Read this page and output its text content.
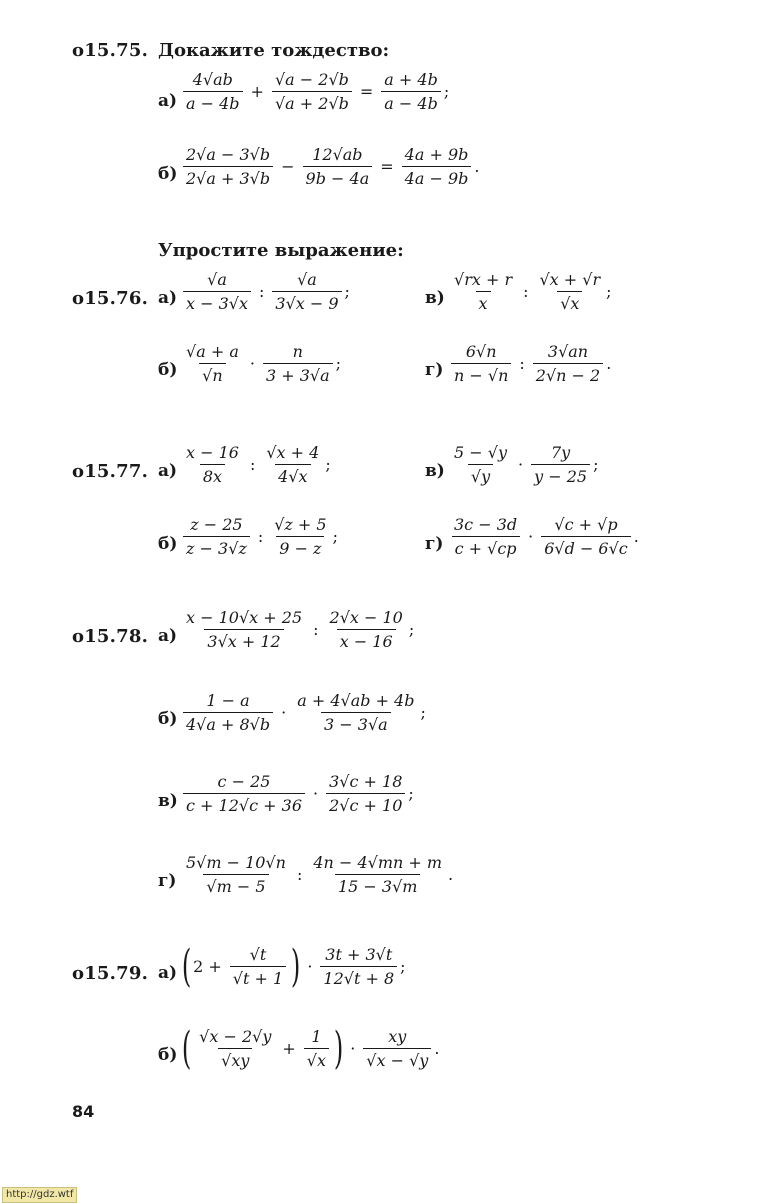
o15.75. Докажите тождество:
$а) \frac{4√ab}{a - 4b} + \frac{√a - 2√b}{√a + 2√b} = \frac{a + 4b}{a - 4b}$ ;
$б) \frac{2√a - 3√b}{2√a + 3√b} - \frac{12√ab}{9b - 4a} = \frac{4a + 9b}{4a - 9b}$ .
Упростите выражение:
o15.76. $а) \frac{√a}{x - 3√x}$ : $\frac{√a}{3√x - 9}$ ;	$в) \frac{√rx + r}{x}$ : $\frac{√x + √r}{√x}$ ;
$б) \frac{√a + a}{√n} \cdot \frac{n}{3 + 3√a}$ ;	$г) \frac{6√n}{n - √n}$ : $\frac{3√an}{2√n - 2}$ .
o15.77. $а) \frac{x - 16}{8x}$ : $\frac{√x + 4}{4√x}$ ;	$в) \frac{5 - √y}{√y} \cdot \frac{7y}{y - 25}$ ;
$б) \frac{z - 25}{z - 3√z}$ : $\frac{√z + 5}{9 - z}$ ;	$г) \frac{3c - 3d}{c + √cp} \cdot \frac{√c + √p}{6√d - 6√c}$ .
o15.78. $а) \frac{x - 10√x + 25}{3√x + 12}$ : $\frac{2√x - 10}{x - 16}$ ;
$б) \frac{1 - a}{4√a + 8√b} \cdot \frac{a + 4√ab + 4b}{3 - 3√a}$ ;
$в) \frac{c - 25}{c + 12√c + 36} \cdot \frac{3√c + 18}{2√c + 10}$ ;
$г) \frac{5√m - 10√n}{√m - 5}$ : $\frac{4n - 4√mn + m}{15 - 3√m}$ .
o15.79. а) ( $2 + \frac{√t}{√t + 1}$ ) · $\frac{3t + 3√t}{12√t + 8}$ ;
б) ( $\frac{√x - 2√y}{√xy} + \frac{1}{√x}$ ) · $\frac{xy}{√x - √y}$ .
84
http://gdz.wtf
